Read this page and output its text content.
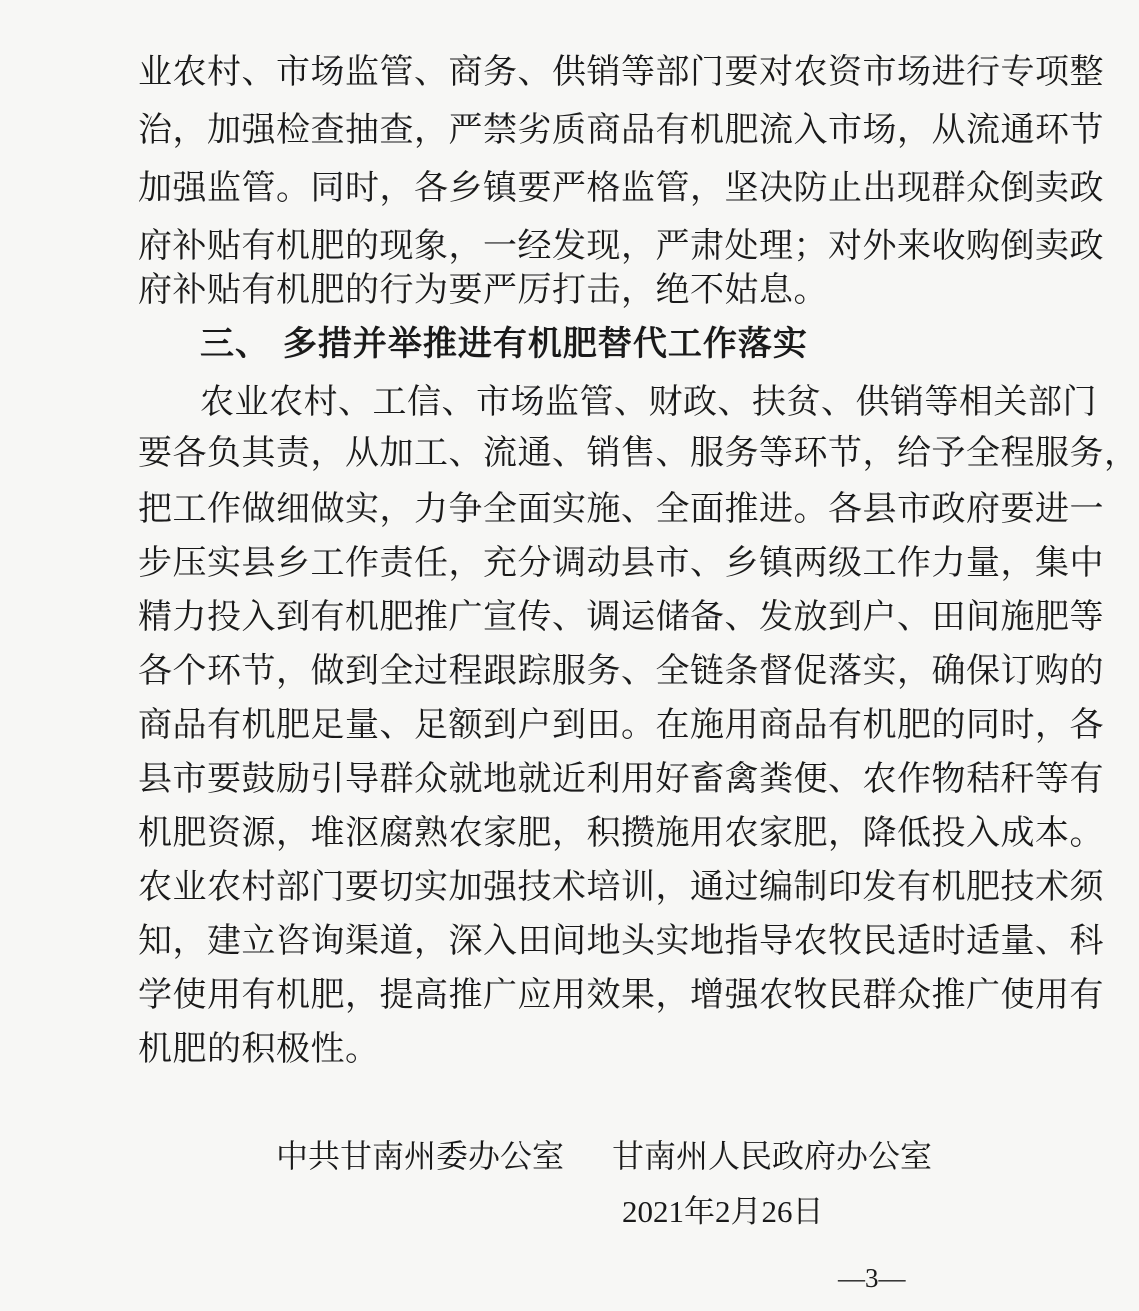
业农村、市场监管、商务、供销等部门要对农资市场进行专项整
治，加强检查抽查，严禁劣质商品有机肥流入市场，从流通环节
加强监管。同时，各乡镇要严格监管，坚决防止出现群众倒卖政
府补贴有机肥的现象，一经发现，严肃处理；对外来收购倒卖政
府补贴有机肥的行为要严厉打击，绝不姑息。
三、 多措并举推进有机肥替代工作落实
农业农村、工信、市场监管、财政、扶贫、供销等相关部门
要各负其责，从加工、流通、销售、服务等环节，给予全程服务，
把工作做细做实，力争全面实施、全面推进。各县市政府要进一
步压实县乡工作责任，充分调动县市、乡镇两级工作力量，集中
精力投入到有机肥推广宣传、调运储备、发放到户、田间施肥等
各个环节，做到全过程跟踪服务、全链条督促落实，确保订购的
商品有机肥足量、足额到户到田。在施用商品有机肥的同时，各
县市要鼓励引导群众就地就近利用好畜禽粪便、农作物秸秆等有
机肥资源，堆沤腐熟农家肥，积攒施用农家肥，降低投入成本。
农业农村部门要切实加强技术培训，通过编制印发有机肥技术须
知，建立咨询渠道，深入田间地头实地指导农牧民适时适量、科
学使用有机肥，提高推广应用效果，增强农牧民群众推广使用有
机肥的积极性。
中共甘南州委办公室 甘南州人民政府办公室
2021年2月26日
—3—
